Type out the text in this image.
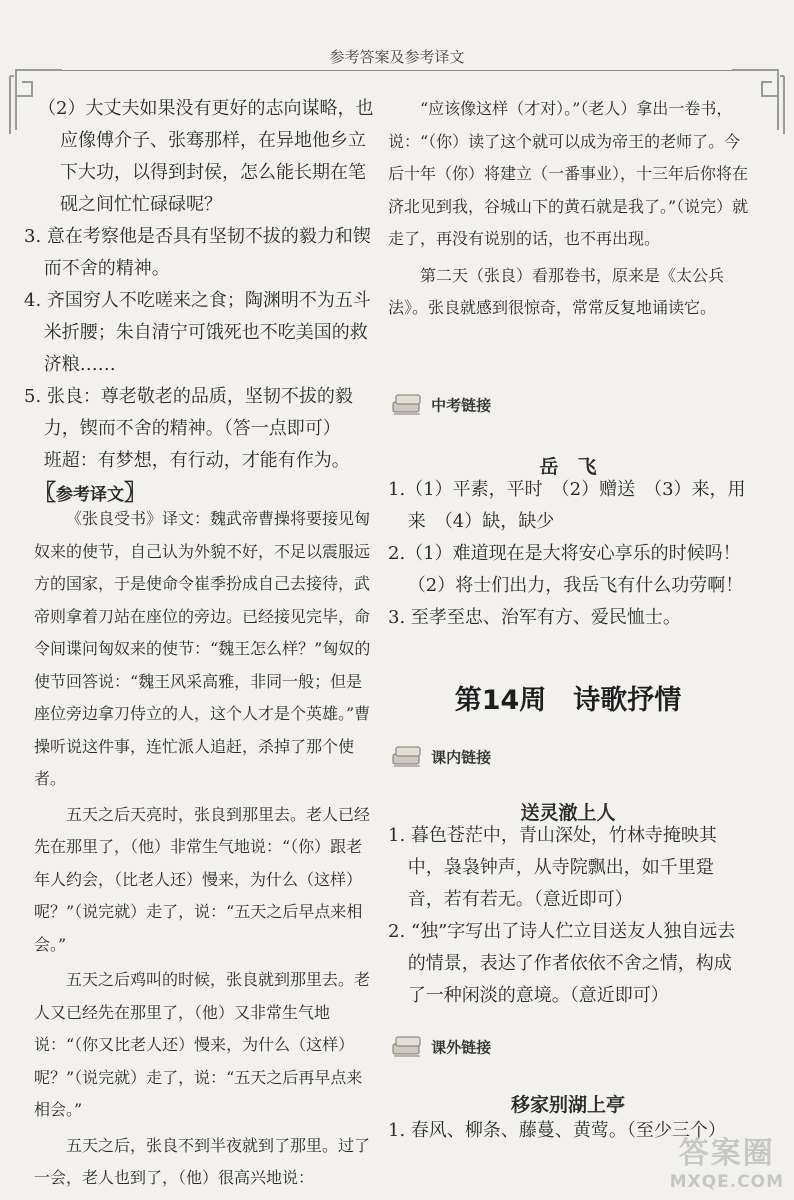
参考答案及参考译文

（2）大丈夫如果没有更好的志向谋略，也应像傅介子、张骞那样，在异地他乡立下大功，以得到封侯，怎么能长期在笔砚之间忙忙碌碌呢？

3. 意在考察他是否具有坚韧不拔的毅力和锲而不舍的精神。

4. 齐国穷人不吃嗟来之食；陶渊明不为五斗米折腰；朱自清宁可饿死也不吃美国的救济粮……

5. 张良：尊老敬老的品质，坚韧不拔的毅力，锲而不舍的精神。（答一点即可）

班超：有梦想，有行动，才能有作为。

〖参考译文〗

《张良受书》译文：魏武帝曹操将要接见匈奴来的使节，自己认为外貌不好，不足以震服远方的国家，于是使命令崔季扮成自己去接待，武帝则拿着刀站在座位的旁边。已经接见完毕，命令间谍问匈奴来的使节：“魏王怎么样？”匈奴的使节回答说：“魏王风采高雅，非同一般；但是座位旁边拿刀侍立的人，这个人才是个英雄。”曹操听说这件事，连忙派人追赶，杀掉了那个使者。

五天之后天亮时，张良到那里去。老人已经先在那里了，（他）非常生气地说：“（你）跟老年人约会，（比老人还）慢来，为什么（这样）呢？”（说完就）走了，说：“五天之后早点来相会。”

五天之后鸡叫的时候，张良就到那里去。老人又已经先在那里了，（他）又非常生气地说：“（你又比老人还）慢来，为什么（这样）呢？”（说完就）走了，说：“五天之后再早点来相会。”

五天之后，张良不到半夜就到了那里。过了一会，老人也到了，（他）很高兴地说：

“应该像这样（才对）。”（老人）拿出一卷书，说：“（你）读了这个就可以成为帝王的老师了。今后十年（你）将建立（一番事业），十三年后你将在济北见到我，谷城山下的黄石就是我了。”（说完）就走了，再没有说别的话，也不再出现。

第二天（张良）看那卷书，原来是《太公兵法》。张良就感到很惊奇，常常反复地诵读它。

中考链接
岳　飞

1.（1）平素，平时　（2）赠送　（3）来，用来　（4）缺，缺少

2.（1）难道现在是大将安心享乐的时候吗！

（2）将士们出力，我岳飞有什么功劳啊！

3. 至孝至忠、治军有方、爱民恤士。

第14周　诗歌抒情
课内链接
送灵澈上人

1. 暮色苍茫中，青山深处，竹林寺掩映其中，袅袅钟声，从寺院飘出，如千里跫音，若有若无。（意近即可）

2. “独”字写出了诗人伫立目送友人独自远去的情景，表达了作者依依不舍之情，构成了一种闲淡的意境。（意近即可）

课外链接
移家别湖上亭

1. 春风、柳条、藤蔓、黄莺。（至少三个）

答案圈
MXQE.COM
